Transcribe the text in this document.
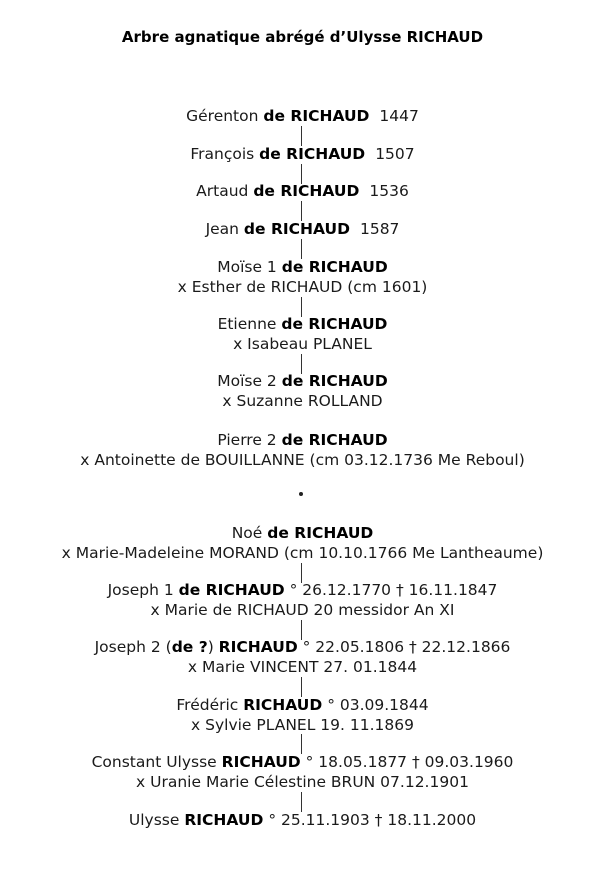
Arbre agnatique abrégé d’Ulysse RICHAUD
Gérenton de RICHAUD 1447
François de RICHAUD 1507
Artaud de RICHAUD 1536
Jean de RICHAUD 1587
Moïse 1 de RICHAUD
x Esther de RICHAUD (cm 1601)
Etienne de RICHAUD
x Isabeau PLANEL
Moïse 2 de RICHAUD
x Suzanne ROLLAND
Pierre 2 de RICHAUD
x Antoinette de BOUILLANNE (cm 03.12.1736 Me Reboul)
Noé de RICHAUD
x Marie-Madeleine MORAND (cm 10.10.1766 Me Lantheaume)
Joseph 1 de RICHAUD ° 26.12.1770 † 16.11.1847
x Marie de RICHAUD 20 messidor An XI
Joseph 2 (de ?) RICHAUD ° 22.05.1806 † 22.12.1866
x Marie VINCENT 27. 01.1844
Frédéric RICHAUD ° 03.09.1844
x Sylvie PLANEL 19. 11.1869
Constant Ulysse RICHAUD ° 18.05.1877 † 09.03.1960
x Uranie Marie Célestine BRUN 07.12.1901
Ulysse RICHAUD ° 25.11.1903 † 18.11.2000
